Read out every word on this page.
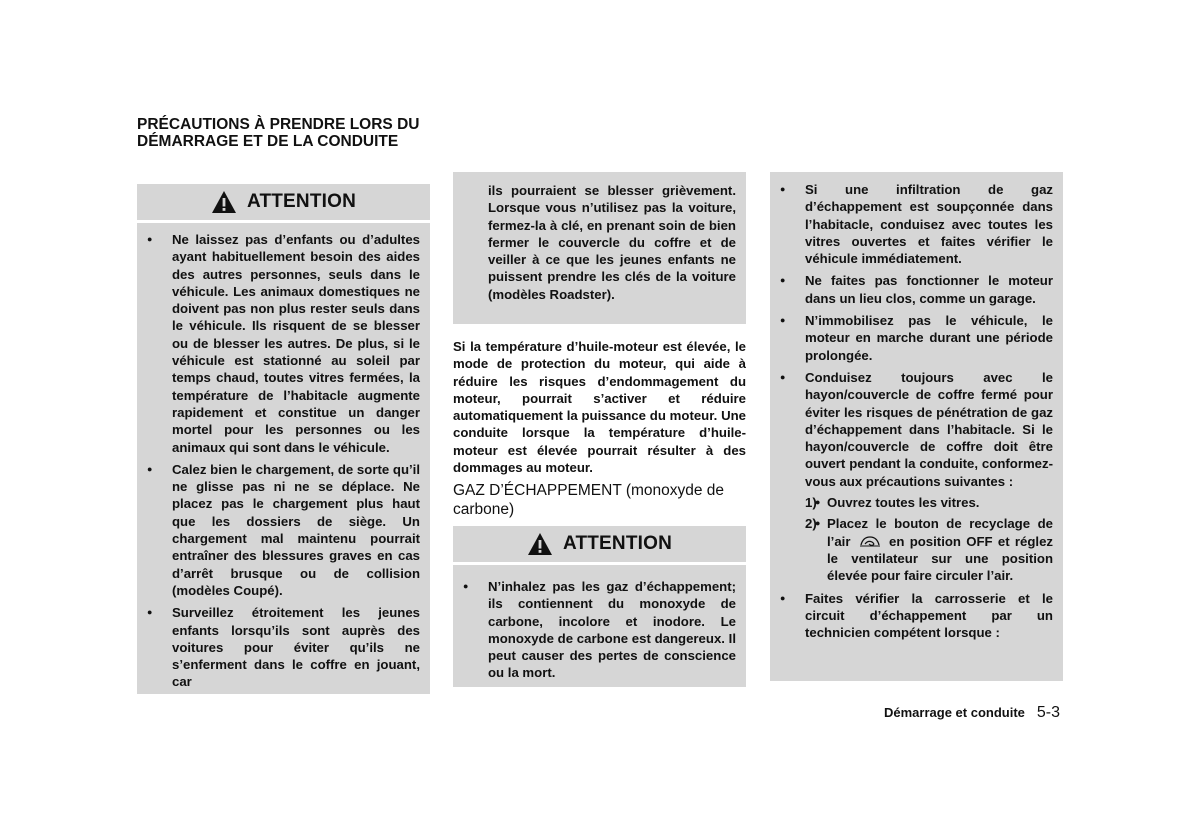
PRÉCAUTIONS À PRENDRE LORS DU DÉMARRAGE ET DE LA CONDUITE
ATTENTION
● Ne laissez pas d’enfants ou d’adultes ayant habituellement besoin des aides des autres personnes, seuls dans le véhicule. Les animaux domestiques ne doivent pas non plus rester seuls dans le véhicule. Ils risquent de se blesser ou de blesser les autres. De plus, si le véhicule est stationné au soleil par temps chaud, toutes vitres fermées, la température de l’habitacle augmente rapidement et constitue un danger mortel pour les personnes ou les animaux qui sont dans le véhicule.
● Calez bien le chargement, de sorte qu’il ne glisse pas ni ne se déplace. Ne placez pas le chargement plus haut que les dossiers de siège. Un chargement mal maintenu pourrait entraîner des blessures graves en cas d’arrêt brusque ou de collision (modèles Coupé).
● Surveillez étroitement les jeunes enfants lorsqu’ils sont auprès des voitures pour éviter qu’ils ne s’enferment dans le coffre en jouant, car
ils pourraient se blesser grièvement. Lorsque vous n’utilisez pas la voiture, fermez-la à clé, en prenant soin de bien fermer le couvercle du coffre et de veiller à ce que les jeunes enfants ne puissent prendre les clés de la voiture (modèles Roadster).
Si la température d’huile-moteur est élevée, le mode de protection du moteur, qui aide à réduire les risques d’endommagement du moteur, pourrait s’activer et réduire automatiquement la puissance du moteur. Une conduite lorsque la température d’huile-moteur est élevée pourrait résulter à des dommages au moteur.
GAZ D’ÉCHAPPEMENT (monoxyde de carbone)
ATTENTION
● N’inhalez pas les gaz d’échappement; ils contiennent du monoxyde de carbone, incolore et inodore. Le monoxyde de carbone est dangereux. Il peut causer des pertes de conscience ou la mort.
● Si une infiltration de gaz d’échappement est soupçonnée dans l’habitacle, conduisez avec toutes les vitres ouvertes et faites vérifier le véhicule immédiatement.
● Ne faites pas fonctionner le moteur dans un lieu clos, comme un garage.
● N’immobilisez pas le véhicule, le moteur en marche durant une période prolongée.
● Conduisez toujours avec le hayon/couvercle de coffre fermé pour éviter les risques de pénétration de gaz d’échappement dans l’habitacle. Si le hayon/couvercle de coffre doit être ouvert pendant la conduite, conformez-vous aux précautions suivantes :
● 1) Ouvrez toutes les vitres.
● 2) Placez le bouton de recyclage de l’air	en position OFF et réglez le ventilateur sur une position élevée pour faire circuler l’air.
● Faites vérifier la carrosserie et le circuit d’échappement par un technicien compétent lorsque :
Démarrage et conduite 5-3
